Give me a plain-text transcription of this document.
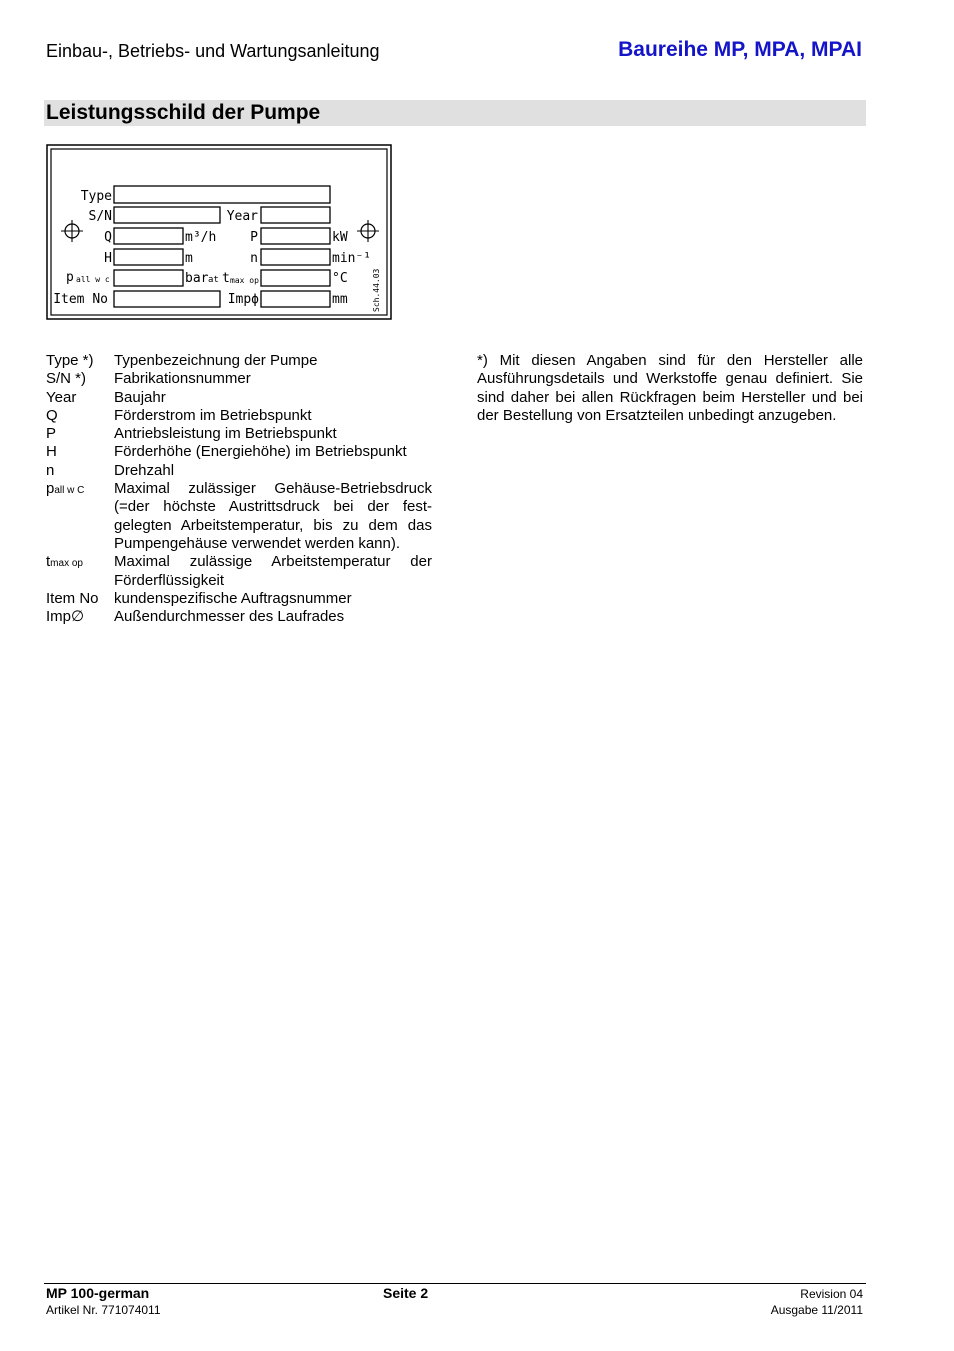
Einbau-, Betriebs- und Wartungsanleitung	Baureihe MP, MPA, MPAI
Leistungsschild der Pumpe
Type
S/N	Year
Q	m³/h	P	kW
H	m	n	min⁻¹
p all w c	bar at t max op	°C
Item No	Impϕ	mm	Sch.44.03
Type *)	Typenbezeichnung der Pumpe
S/N *)	Fabrikationsnummer
Year	Baujahr
Q	Förderstrom im Betriebspunkt
P	Antriebsleistung im Betriebspunkt
H	Förderhöhe (Energiehöhe) im Betriebspunkt
n	Drehzahl
pall w C	Maximal zulässiger Gehäuse-Betriebsdruck (=der höchste Austrittsdruck bei der fest-gelegten Arbeitstemperatur, bis zu dem das Pumpengehäuse verwendet werden kann).
tmax op	Maximal zulässige Arbeitstemperatur der Förderflüssigkeit
Item No	kundenspezifische Auftragsnummer
Imp∅	Außendurchmesser des Laufrades
*) Mit diesen Angaben sind für den Hersteller alle Ausführungsdetails und Werkstoffe genau definiert. Sie sind daher bei allen Rückfragen beim Hersteller und bei der Bestellung von Ersatzteilen unbedingt anzugeben.
MP 100-german
Artikel Nr. 771074011
Seite 2	Revision 04
Ausgabe 11/2011
